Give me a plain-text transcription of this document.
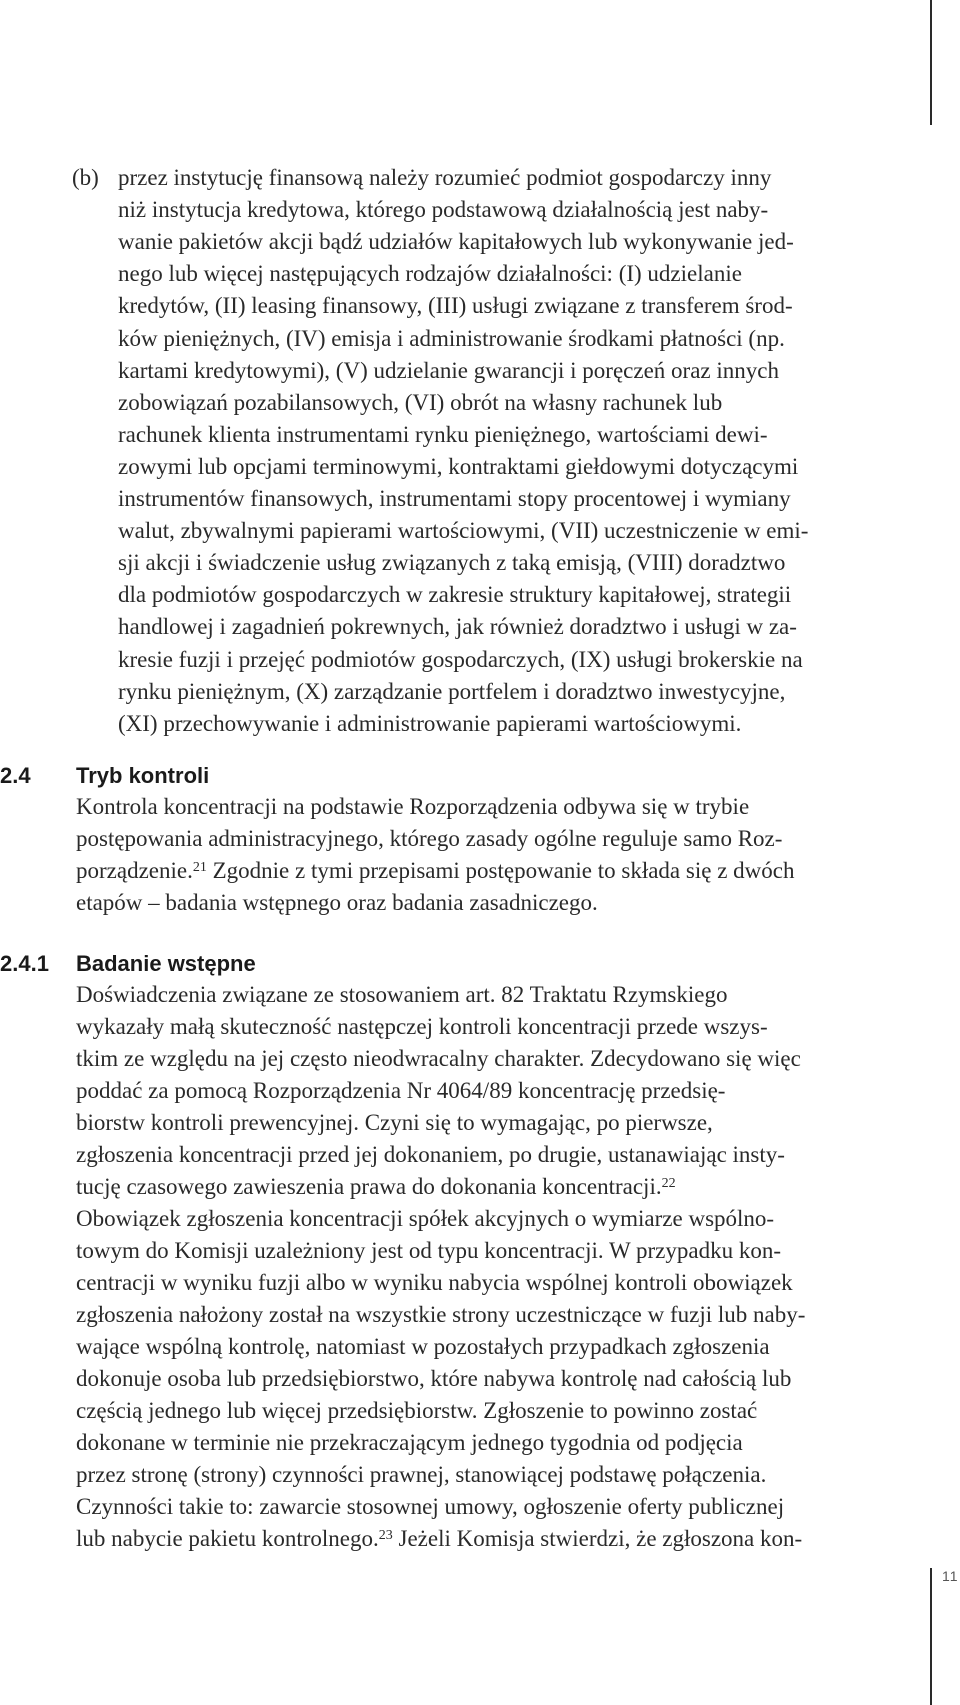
11
(b) przez instytucję finansową należy rozumieć podmiot gospodarczy inny
niż instytucja kredytowa, którego podstawową działalnością jest naby-
wanie pakietów akcji bądź udziałów kapitałowych lub wykonywanie jed-
nego lub więcej następujących rodzajów działalności: (I) udzielanie
kredytów, (II) leasing finansowy, (III) usługi związane z transferem środ-
ków pieniężnych, (IV) emisja i administrowanie środkami płatności (np.
kartami kredytowymi), (V) udzielanie gwarancji i poręczeń oraz innych
zobowiązań pozabilansowych, (VI) obrót na własny rachunek lub
rachunek klienta instrumentami rynku pieniężnego, wartościami dewi-
zowymi lub opcjami terminowymi, kontraktami giełdowymi dotyczącymi
instrumentów finansowych, instrumentami stopy procentowej i wymiany
walut, zbywalnymi papierami wartościowymi, (VII) uczestniczenie w emi-
sji akcji i świadczenie usług związanych z taką emisją, (VIII) doradztwo
dla podmiotów gospodarczych w zakresie struktury kapitałowej, strategii
handlowej i zagadnień pokrewnych, jak również doradztwo i usługi w za-
kresie fuzji i przejęć podmiotów gospodarczych, (IX) usługi brokerskie na
rynku pieniężnym, (X) zarządzanie portfelem i doradztwo inwestycyjne,
(XI) przechowywanie i administrowanie papierami wartościowymi.
2.4 Tryb kontroli
Kontrola koncentracji na podstawie Rozporządzenia odbywa się w trybie
postępowania administracyjnego, którego zasady ogólne reguluje samo Roz-
porządzenie.$^{21}$ Zgodnie z tymi przepisami postępowanie to składa się z dwóch
etapów – badania wstępnego oraz badania zasadniczego.
2.4.1 Badanie wstępne
Doświadczenia związane ze stosowaniem art. 82 Traktatu Rzymskiego
wykazały małą skuteczność następczej kontroli koncentracji przede wszys-
tkim ze względu na jej często nieodwracalny charakter. Zdecydowano się więc
poddać za pomocą Rozporządzenia Nr 4064/89 koncentrację przedsię-
biorstw kontroli prewencyjnej. Czyni się to wymagając, po pierwsze,
zgłoszenia koncentracji przed jej dokonaniem, po drugie, ustanawiając insty-
tucję czasowego zawieszenia prawa do dokonania koncentracji.$^{22}$
Obowiązek zgłoszenia koncentracji spółek akcyjnych o wymiarze wspólno-
towym do Komisji uzależniony jest od typu koncentracji. W przypadku kon-
centracji w wyniku fuzji albo w wyniku nabycia wspólnej kontroli obowiązek
zgłoszenia nałożony został na wszystkie strony uczestniczące w fuzji lub naby-
wające wspólną kontrolę, natomiast w pozostałych przypadkach zgłoszenia
dokonuje osoba lub przedsiębiorstwo, które nabywa kontrolę nad całością lub
częścią jednego lub więcej przedsiębiorstw. Zgłoszenie to powinno zostać
dokonane w terminie nie przekraczającym jednego tygodnia od podjęcia
przez stronę (strony) czynności prawnej, stanowiącej podstawę połączenia.
Czynności takie to: zawarcie stosownej umowy, ogłoszenie oferty publicznej
lub nabycie pakietu kontrolnego.$^{23}$ Jeżeli Komisja stwierdzi, że zgłoszona kon-
